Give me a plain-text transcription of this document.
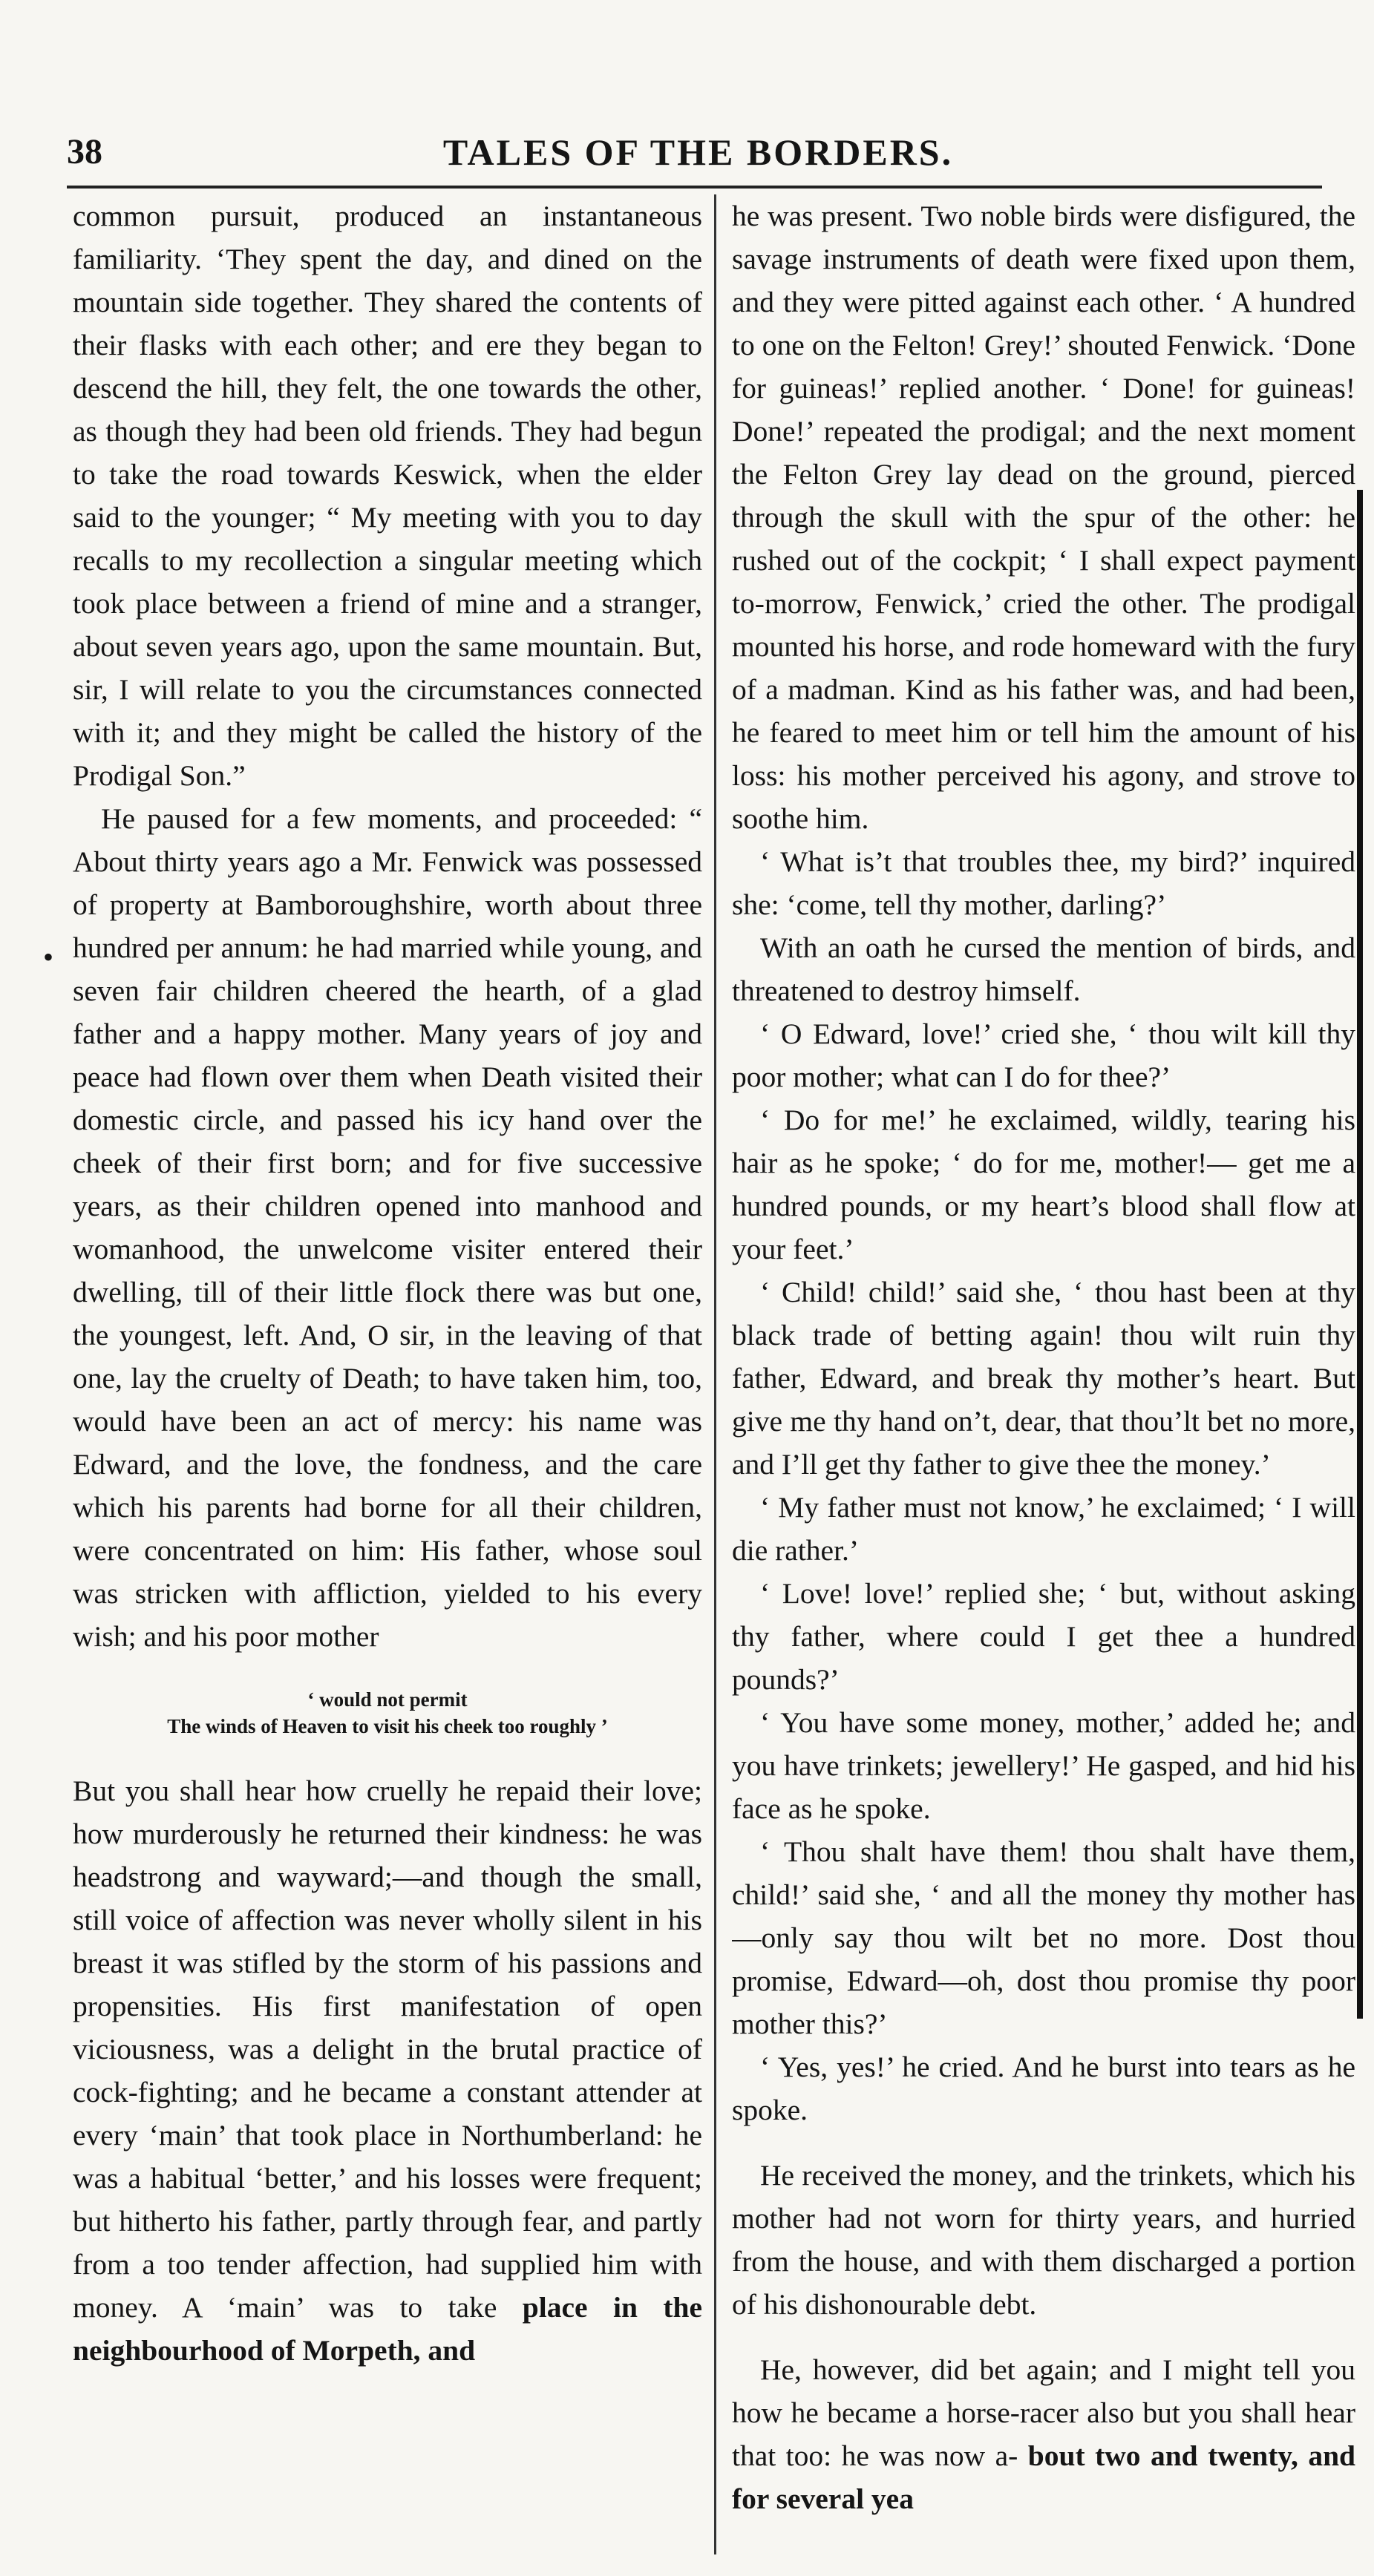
38	TALES OF THE BORDERS.

common pursuit, produced an instantaneous familiarity. ‘They spent the day, and dined on the mountain side together. They shared the contents of their flasks with each other; and ere they began to descend the hill, they felt, the one towards the other, as though they had been old friends. They had begun to take the road towards Keswick, when the elder said to the younger; “ My meeting with you to day recalls to my recollection a singular meeting which took place between a friend of mine and a stranger, about seven years ago, upon the same mountain. But, sir, I will relate to you the circumstances connected with it; and they might be called the history of the Prodigal Son.”

He paused for a few moments, and proceeded: “ About thirty years ago a Mr. Fenwick was possessed of property at Bamboroughshire, worth about three hundred per annum: he had married while young, and seven fair children cheered the hearth, of a glad father and a happy mother. Many years of joy and peace had flown over them when Death visited their domestic circle, and passed his icy hand over the cheek of their first born; and for five successive years, as their children opened into manhood and womanhood, the unwelcome visiter entered their dwelling, till of their little flock there was but one, the youngest, left. And, O sir, in the leaving of that one, lay the cruelty of Death; to have taken him, too, would have been an act of mercy: his name was Edward, and the love, the fondness, and the care which his parents had borne for all their children, were concentrated on him: His father, whose soul was stricken with affliction, yielded to his every wish; and his poor mother

‘ would not permit
The winds of Heaven to visit his cheek too roughly ’

But you shall hear how cruelly he repaid their love; how murderously he returned their kindness: he was headstrong and wayward;—and though the small, still voice of affection was never wholly silent in his breast it was stifled by the storm of his passions and propensities. His first manifestation of open viciousness, was a delight in the brutal practice of cock-fighting; and he became a constant attender at every ‘main’ that took place in Northumberland: he was a habitual ‘better,’ and his losses were frequent; but hitherto his father, partly through fear, and partly from a too tender affection, had supplied him with money. A ‘main’ was to take place in the neighbourhood of Morpeth, and

he was present. Two noble birds were disfigured, the savage instruments of death were fixed upon them, and they were pitted against each other. ‘ A hundred to one on the Felton! Grey!’ shouted Fenwick. ‘Done for guineas!’ replied another. ‘ Done! for guineas! Done!’ repeated the prodigal; and the next moment the Felton Grey lay dead on the ground, pierced through the skull with the spur of the other: he rushed out of the cockpit; ‘ I shall expect payment to-morrow, Fenwick,’ cried the other. The prodigal mounted his horse, and rode homeward with the fury of a madman. Kind as his father was, and had been, he feared to meet him or tell him the amount of his loss: his mother perceived his agony, and strove to soothe him.

‘ What is’t that troubles thee, my bird?’ inquired she: ‘come, tell thy mother, darling?’

With an oath he cursed the mention of birds, and threatened to destroy himself.

‘ O Edward, love!’ cried she, ‘ thou wilt kill thy poor mother; what can I do for thee?’

‘ Do for me!’ he exclaimed, wildly, tearing his hair as he spoke; ‘ do for me, mother!— get me a hundred pounds, or my heart’s blood shall flow at your feet.’

‘ Child! child!’ said she, ‘ thou hast been at thy black trade of betting again! thou wilt ruin thy father, Edward, and break thy mother’s heart. But give me thy hand on’t, dear, that thou’lt bet no more, and I’ll get thy father to give thee the money.’

‘ My father must not know,’ he exclaimed; ‘ I will die rather.’

‘ Love! love!’ replied she; ‘ but, without asking thy father, where could I get thee a hundred pounds?’

‘ You have some money, mother,’ added he; and you have trinkets; jewellery!’ He gasped, and hid his face as he spoke.

‘ Thou shalt have them! thou shalt have them, child!’ said she, ‘ and all the money thy mother has—only say thou wilt bet no more. Dost thou promise, Edward—oh, dost thou promise thy poor mother this?’

‘ Yes, yes!’ he cried. And he burst into tears as he spoke.

He received the money, and the trinkets, which his mother had not worn for thirty years, and hurried from the house, and with them discharged a portion of his dishonourable debt.

He, however, did bet again; and I might tell you how he became a horse-racer also but you shall hear that too: he was now a- bout two and twenty, and for several yea

•
